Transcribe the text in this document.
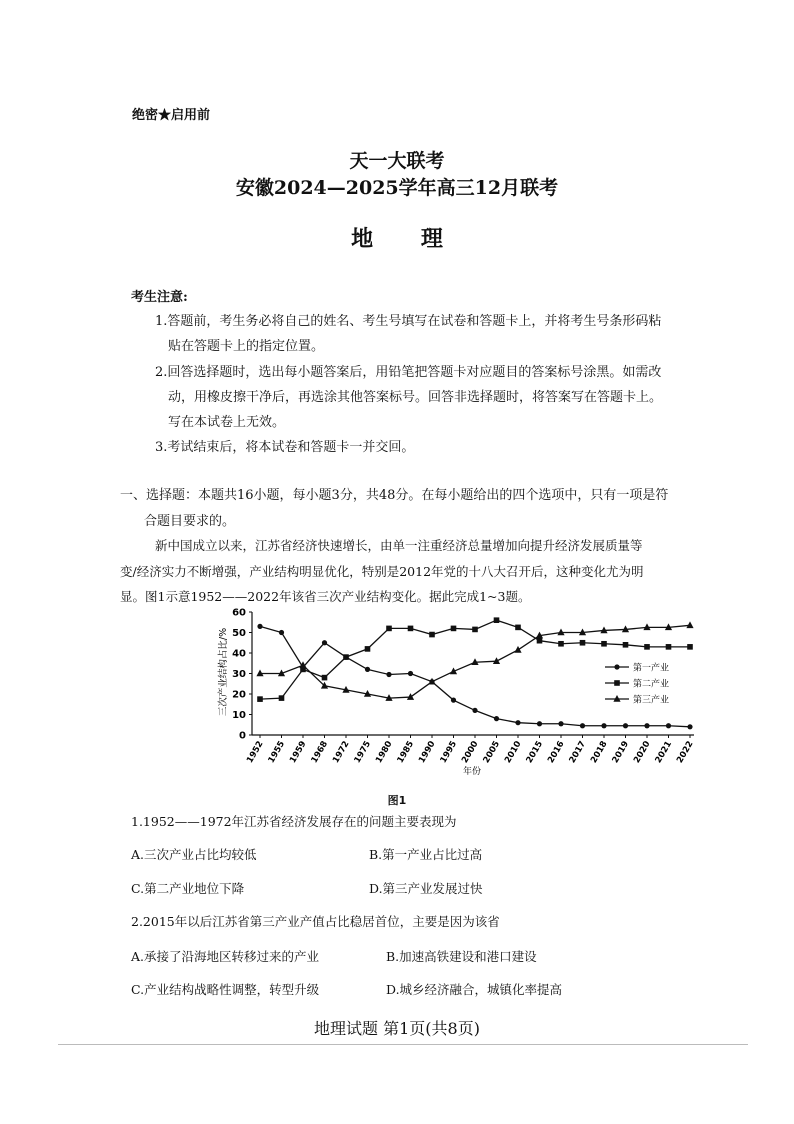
绝密★启用前
天一大联考
安徽2024—2025学年高三12月联考
地 理
考生注意:
1.答题前，考生务必将自己的姓名、考生号填写在试卷和答题卡上，并将考生号条形码粘
贴在答题卡上的指定位置。
2.回答选择题时，选出每小题答案后，用铅笔把答题卡对应题目的答案标号涂黑。如需改
动，用橡皮擦干净后，再选涂其他答案标号。回答非选择题时，将答案写在答题卡上。
写在本试卷上无效。
3.考试结束后，将本试卷和答题卡一并交回。
一、选择题：本题共16小题，每小题3分，共48分。在每小题给出的四个选项中，只有一项是符
合题目要求的。
新中国成立以来，江苏省经济快速增长，由单一注重经济总量增加向提升经济发展质量等
变/经济实力不断增强，产业结构明显优化，特别是2012年党的十八大召开后，这种变化尤为明
显。图1示意1952——2022年该省三次产业结构变化。据此完成1~3题。
0
10
20
30
40
50
60
1952 1955 1959 1968 1972 1975 1980 1985 1990 1995 2000 2005 2010 2015 2016 2017 2018 2019 2020 2021 2022
第一产业
第二产业
第三产业
三次产业结构占比/%
年份
图1
1.1952——1972年江苏省经济发展存在的问题主要表现为
A.三次产业占比均较低	B.第一产业占比过高
C.第二产业地位下降	D.第三产业发展过快
2.2015年以后江苏省第三产业产值占比稳居首位，主要是因为该省
A.承接了沿海地区转移过来的产业	B.加速高铁建设和港口建设
C.产业结构战略性调整，转型升级	D.城乡经济融合，城镇化率提高
地理试题 第1页(共8页)
